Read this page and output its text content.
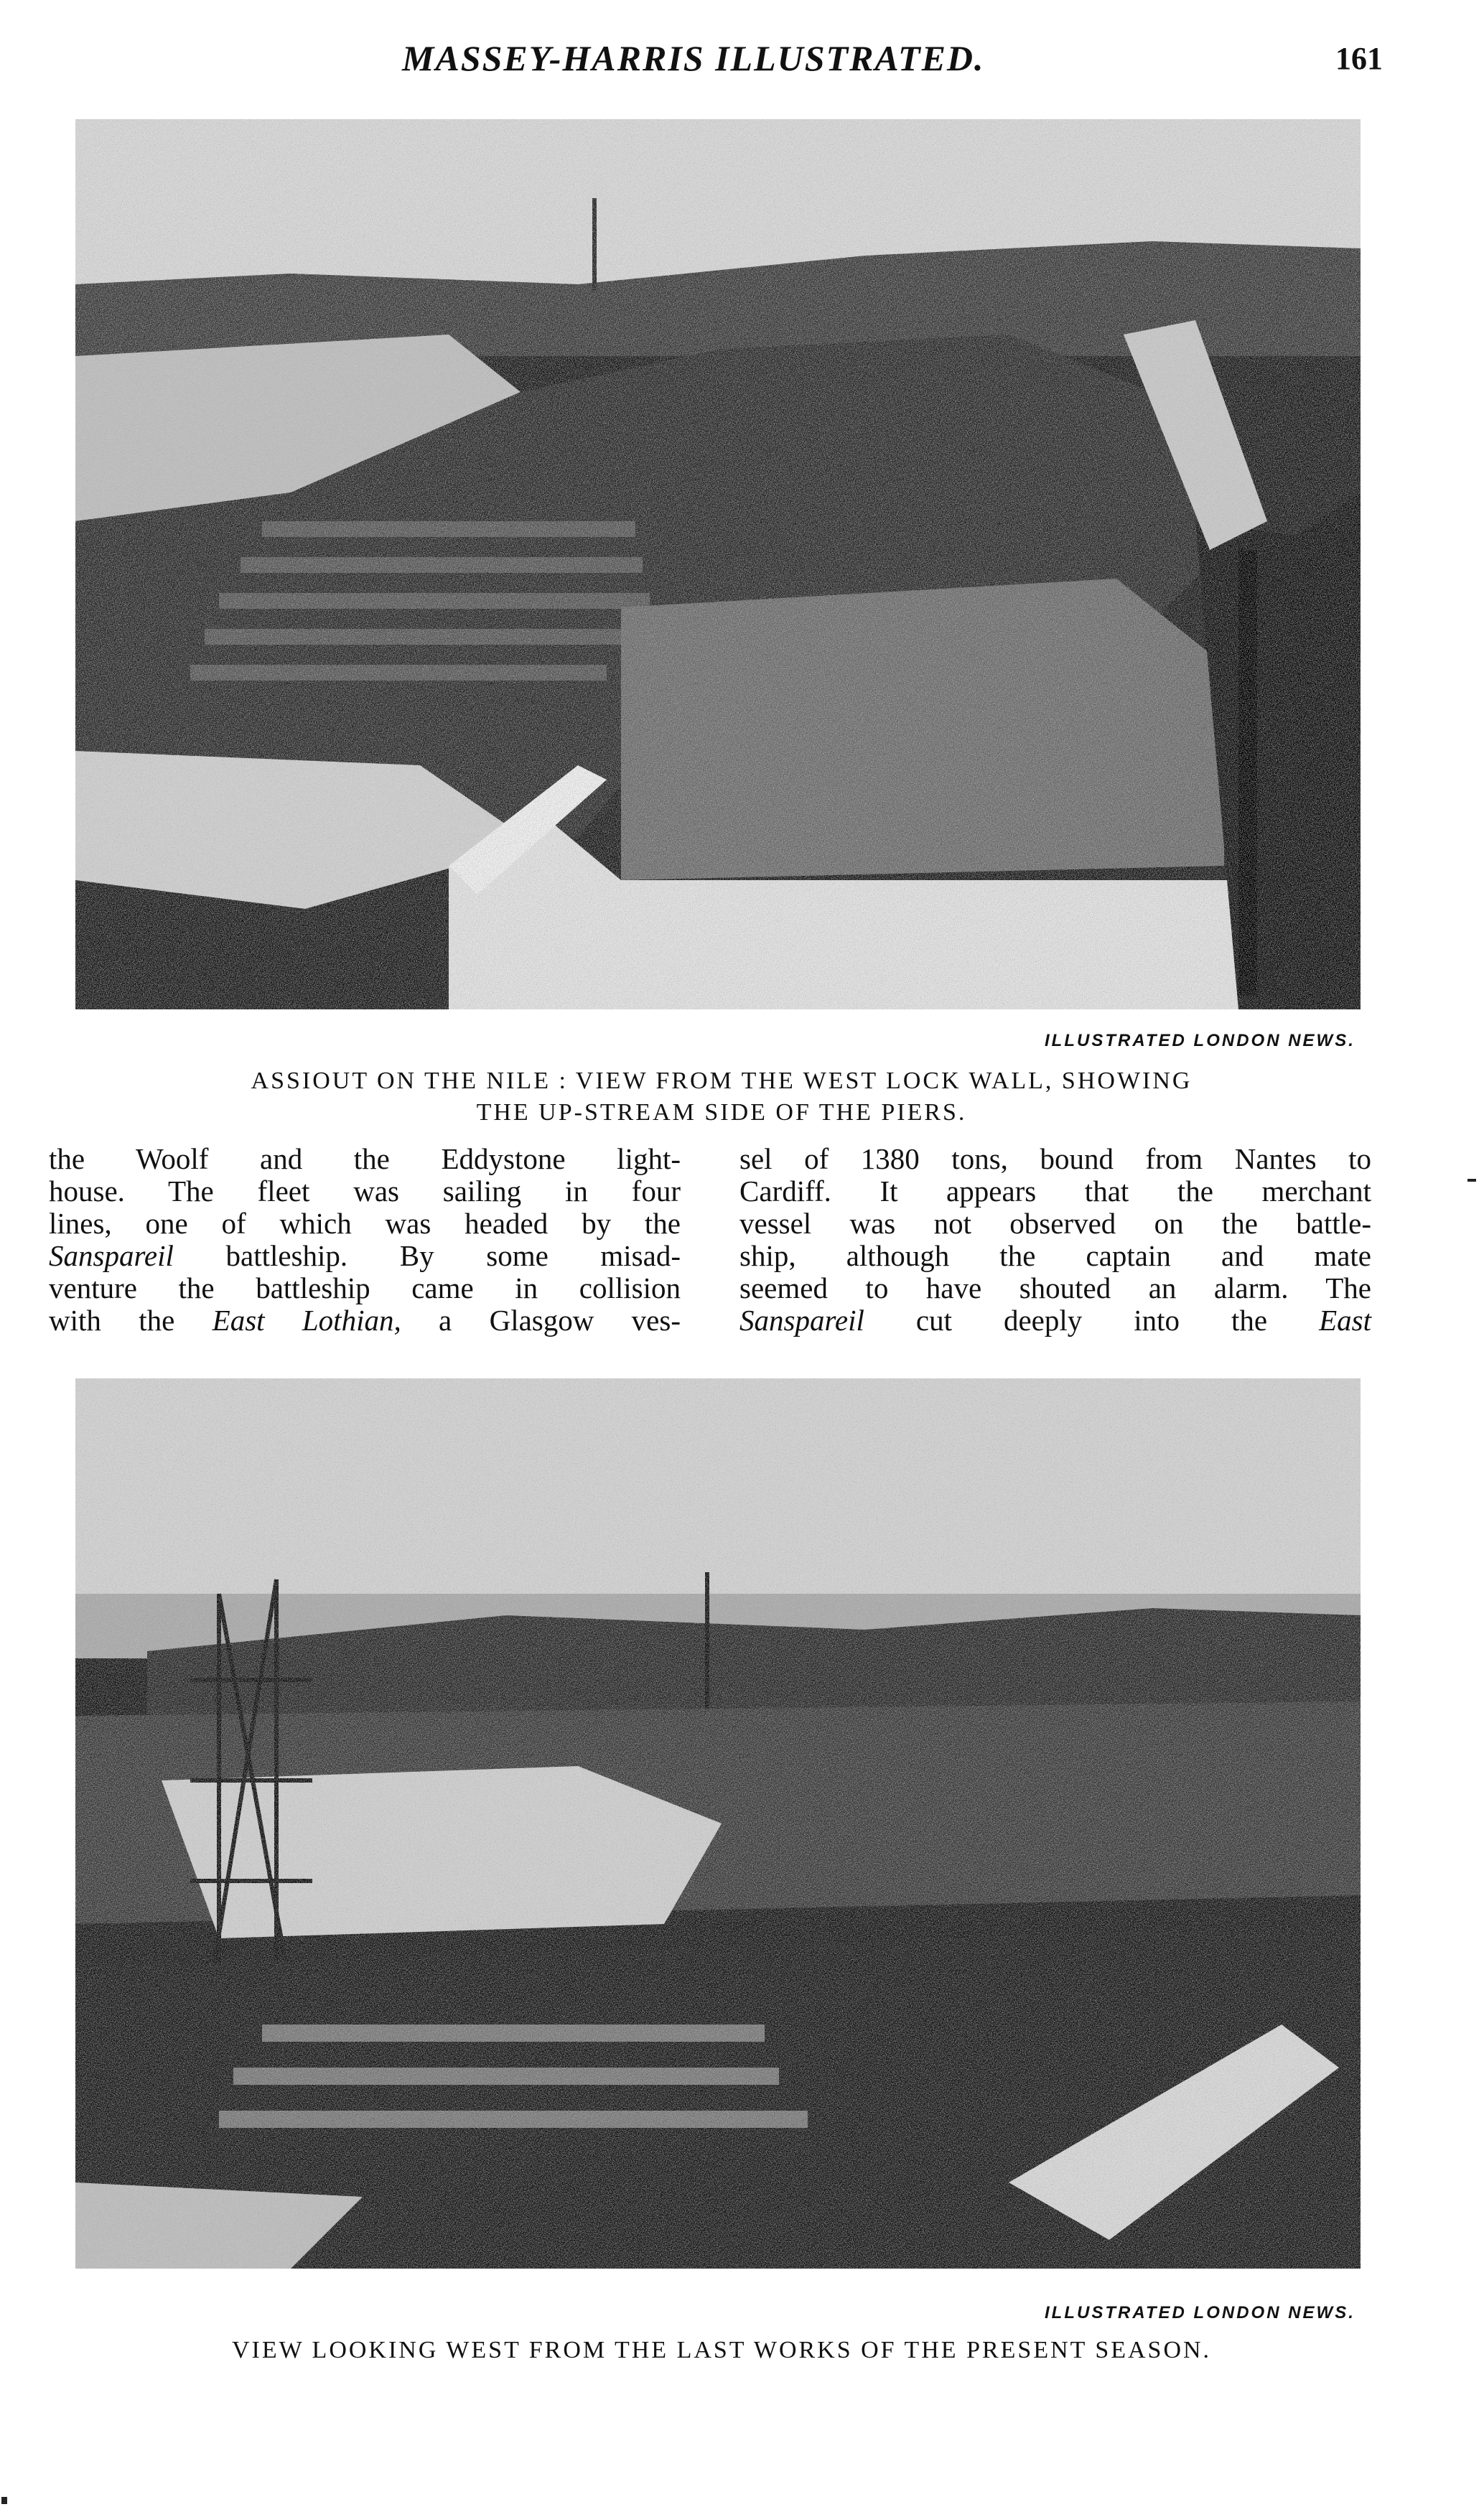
MASSEY-HARRIS ILLUSTRATED.	161
ILLUSTRATED LONDON NEWS.
ASSIOUT ON THE NILE : VIEW FROM THE WEST LOCK WALL, SHOWING
THE UP-STREAM SIDE OF THE PIERS.
the Woolf and the Eddystone light-
house. The fleet was sailing in four
lines, one of which was headed by the
Sanspareil battleship. By some misad-
venture the battleship came in collision
with the East Lothian, a Glasgow ves-
sel of 1380 tons, bound from Nantes to
Cardiff. It appears that the merchant
vessel was not observed on the battle-
ship, although the captain and mate
seemed to have shouted an alarm. The
Sanspareil cut deeply into the East
ILLUSTRATED LONDON NEWS.
VIEW LOOKING WEST FROM THE LAST WORKS OF THE PRESENT SEASON.
